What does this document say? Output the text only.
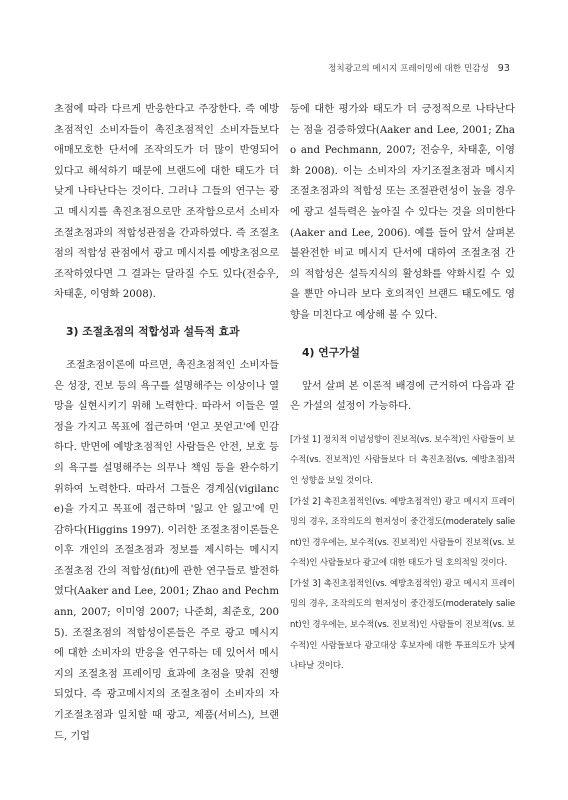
정치광고의 메시지 프레이밍에 대한 민감성 93

초점에 따라 다르게 반응한다고 주장한다. 즉 예방초점적인 소비자들이 촉진초점적인 소비자들보다 애매모호한 단서에 조작의도가 더 많이 반영되어 있다고 해석하기 때문에 브랜드에 대한 태도가 더 낮게 나타난다는 것이다. 그러나 그들의 연구는 광고 메시지를 촉진초점으로만 조작함으로서 소비자 조절초점과의 적합성관점을 간과하였다. 즉 조절초점의 적합성 관점에서 광고 메시지를 예방초점으로 조작하였다면 그 결과는 달라질 수도 있다(전승우, 차태훈, 이영화 2008).

3) 조절초점의 적합성과 설득적 효과

조절초점이론에 따르면, 촉진초점적인 소비자들은 성장, 진보 등의 욕구를 설명해주는 이상이나 열망을 실현시키기 위해 노력한다. 따라서 이들은 열정을 가지고 목표에 접근하며 '얻고 못얻고'에 민감하다. 반면에 예방초점적인 사람들은 안전, 보호 등의 욕구를 설명해주는 의무나 책임 등을 완수하기 위하여 노력한다. 따라서 그들은 경계심(vigilance)을 가지고 목표에 접근하며 '잃고 안 잃고'에 민감하다(Higgins 1997). 이러한 조절초점이론들은 이후 개인의 조절초점과 정보를 제시하는 메시지 조절초점 간의 적합성(fit)에 관한 연구들로 발전하였다(Aaker and Lee, 2001; Zhao and Pechmann, 2007; 이미영 2007; 나준희, 최준호, 2005). 조절초점의 적합성이론들은 주로 광고 메시지에 대한 소비자의 반응을 연구하는 데 있어서 메시지의 조절초점 프레이밍 효과에 초점을 맞춰 진행되었다. 즉 광고메시지의 조절초점이 소비자의 자기조절초점과 일치할 때 광고, 제품(서비스), 브랜드, 기업

등에 대한 평가와 태도가 더 긍정적으로 나타난다는 점을 검증하였다(Aaker and Lee, 2001; Zhao and Pechmann, 2007; 전승우, 차태훈, 이영화 2008). 이는 소비자의 자기조절초점과 메시지 조절초점과의 적합성 또는 조절관련성이 높을 경우에 광고 설득력은 높아질 수 있다는 것을 의미한다(Aaker and Lee, 2006). 예를 들어 앞서 살펴본 불완전한 비교 메시지 단서에 대하여 조절초점 간의 적합성은 설득지식의 활성화를 약화시킬 수 있을 뿐만 아니라 보다 호의적인 브랜드 태도에도 영향을 미친다고 예상해 볼 수 있다.

4) 연구가설

앞서 살펴 본 이론적 배경에 근거하여 다음과 같은 가설의 설정이 가능하다.

[가설 1] 정치적 이념성향이 진보적(vs. 보수적)인 사람들이 보수적(vs. 진보적)인 사람들보다 더 촉진초점(vs. 예방초점)적인 성향을 보일 것이다.

[가설 2] 촉진초점적인(vs. 예방초점적인) 광고 메시지 프레이밍의 경우, 조작의도의 현저성이 중간정도(moderately salient)인 경우에는, 보수적(vs. 진보적)인 사람들이 진보적(vs. 보수적)인 사람들보다 광고에 대한 태도가 덜 호의적일 것이다.

[가설 3] 촉진초점적인(vs. 예방초점적인) 광고 메시지 프레이밍의 경우, 조작의도의 현저성이 중간정도(moderately salient)인 경우에는, 보수적(vs. 진보적)인 사람들이 진보적(vs. 보수적)인 사람들보다 광고대상 후보자에 대한 투표의도가 낮게 나타날 것이다.
